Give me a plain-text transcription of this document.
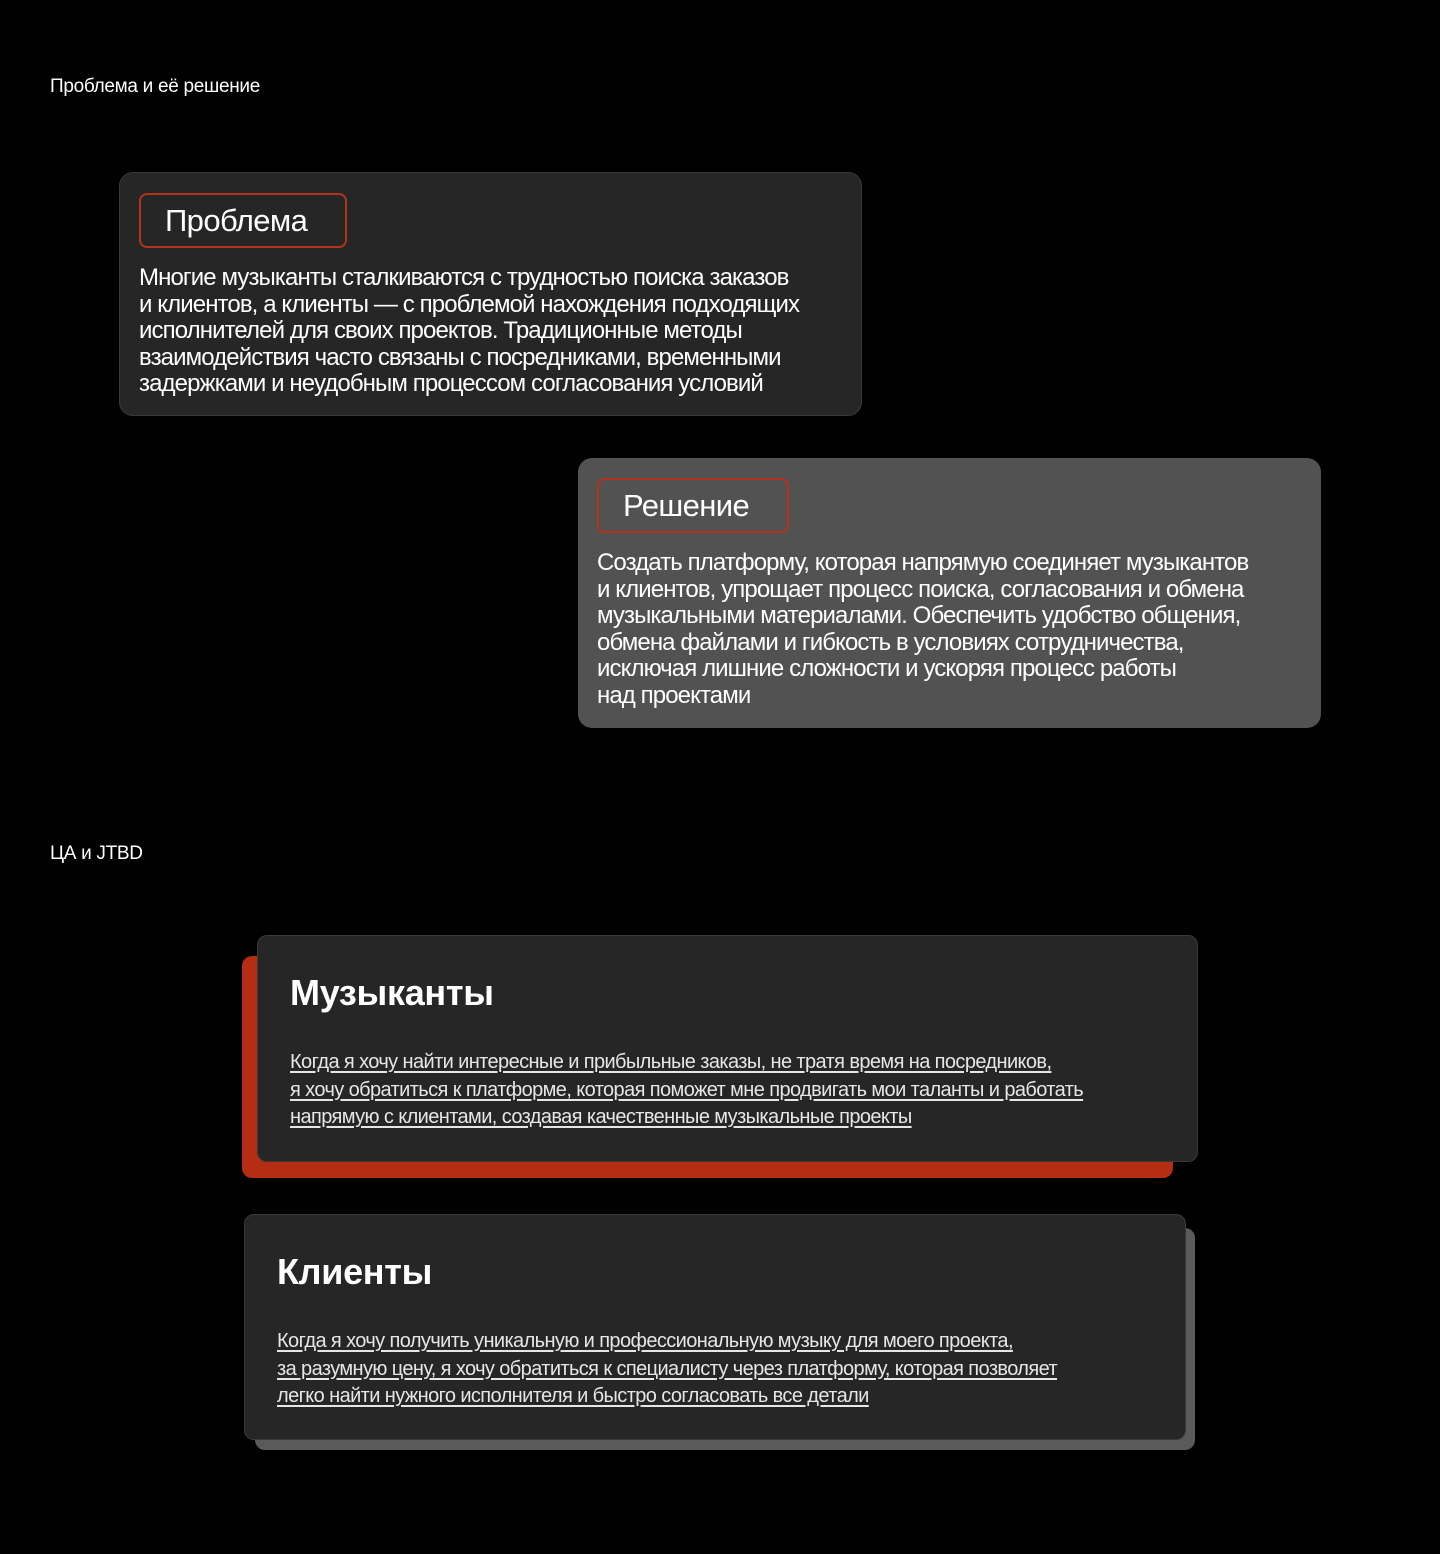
Проблема и её решение
Проблема
Многие музыканты сталкиваются с трудностью поиска заказов
и клиентов, а клиенты — с проблемой нахождения подходящих
исполнителей для своих проектов. Традиционные методы
взаимодействия часто связаны с посредниками, временными
задержками и неудобным процессом согласования условий
Решение
Создать платформу, которая напрямую соединяет музыкантов
и клиентов, упрощает процесс поиска, согласования и обмена
музыкальными материалами. Обеспечить удобство общения,
обмена файлами и гибкость в условиях сотрудничества,
исключая лишние сложности и ускоряя процесс работы
над проектами
ЦА и JTBD
Музыканты
Когда я хочу найти интересные и прибыльные заказы, не тратя время на посредников,
я хочу обратиться к платформе, которая поможет мне продвигать мои таланты и работать
напрямую с клиентами, создавая качественные музыкальные проекты
Клиенты
Когда я хочу получить уникальную и профессиональную музыку для моего проекта,
за разумную цену, я хочу обратиться к специалисту через платформу, которая позволяет
легко найти нужного исполнителя и быстро согласовать все детали
